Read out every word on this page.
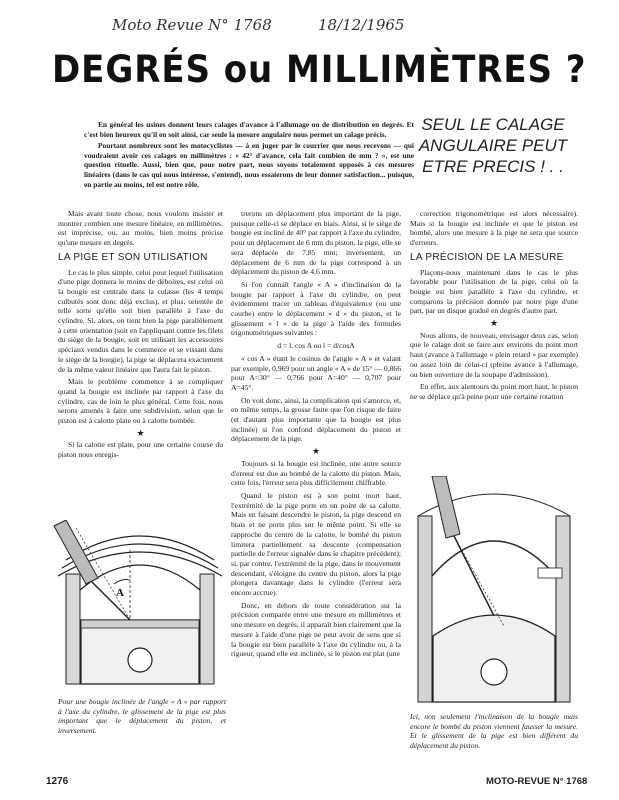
Moto Revue N° 1768	18/12/1965
DEGRÉS ou MILLIMÈTRES ?

En général les usines donnent leurs calages d'avance à l'allumage ou de distribution en degrés. Et c'est bien heureux qu'il en soit ainsi, car seule la mesure angulaire nous permet un calage précis.

Pourtant nombreux sont les motocyclistes — à en juger par le courrier que nous recevons — qui voudraient avoir ces calages en millimètres : « 42° d'avance, cela fait combien de mm ? », est une question rituelle. Aussi, bien que, pour notre part, nous soyons totalement opposés à ces mesures linéaires (dans le cas qui nous intéresse, s'entend), nous essaierons de leur donner satisfaction... puisque, en partie au moins, tel est notre rôle.

SEUL LE CALAGE ANGULAIRE PEUT ETRE PRECIS ! . .

Mais avant toute chose, nous voulons insister et montrer combien une mesure linéaire, en millimètres, est imprécise, ou, au moins, bien moins précise qu'une mesure en degrés.

LA PIGE ET SON UTILISATION

Le cas le plus simple, celui pour lequel l'utilisation d'une pige donnera le moins de déboires, est celui où la bougie est centrale dans la culasse (les 4 temps culbutés sont donc déjà exclus), et plus, orientée de telle sorte qu'elle soit bien parallèle à l'axe du cylindre. Si, alors, on tient bien la pige parallèlement à cette orientation (soit en l'appliquant contre les filets du siège de la bougie, soit en utilisant les accessoires spéciaux vendus dans le commerce et se vissant dans le siège de la bougie), la pige se déplacera exactement de la même valeur linéaire que l'aura fait le piston.

Mais le problème commence à se compliquer quand la bougie est inclinée par rapport à l'axe du cylindre, cas de loin le plus général. Cette fois, nous serons amenés à faire une subdivision, selon que le piston est à calotte plate ou à calotte bombée.

★

Si la calotte est plate, pour une certaine course du piston nous enregis-

trerons un déplacement plus important de la pige, puisque celle-ci se déplace en biais. Ainsi, si le siège de bougie est incliné de 40° par rapport à l'axe du cylindre, pour un déplacement de 6 mm du piston, la pige, elle se sera déplacée de 7,85 mm; inversement, un déplacement de 6 mm de la pige correspond à un déplacement du piston de 4,6 mm.

Si l'on connaît l'angle « A » d'inclinaison de la bougie par rapport à l'axe du cylindre, on peut évidemment tracer un tableau d'équivalence (ou une courbe) entre le déplacement « d » du piston, et le glissement « l » de la pige à l'aide des formules trigonométriques suivantes :

d = l. cos A ou l = d/cosA

« cos A » étant le cosinus de l'angle « A » et valant par exemple, 0,969 pour un angle « A » de 15° — 0,866 pour A=30° — 0,766 pour A=40° — 0,707 pour A=45°.

On voit donc, ainsi, la complication qui s'amorce, et, en même temps, la grosse faute que l'on risque de faire (et d'autant plus importante que la bougie est plus inclinée) si l'on confond déplacement du piston et déplacement de la pige.

★

Toujours si la bougie est inclinée, une autre source d'erreur est due au bombé de la calotte du piston. Mais, cette fois, l'erreur sera plus difficilement chiffrable.

Quand le piston est à son point mort haut, l'extrémité de la pige porte en un point de sa calotte. Mais en faisant descendre le piston, la pige descend en biais et ne porte plus sur le même point. Si elle se rapproche du centre de la calotte, le bombé du piston limitera partiellement sa descente (compensation partielle de l'erreur signalée dans le chapitre précédent); si, par contre, l'extrémité de la pige, dans le mouvement descendant, s'éloigne du centre du piston, alors la pige plongera davantage dans le cylindre (l'erreur sera encore accrue).

Donc, en dehors de toute considération sur la précision comparée entre une mesure en millimètres et une mesure en degrés, il apparaît bien clairement que la mesure à l'aide d'une pige ne peut avoir de sens que si la bougie est bien parallèle à l'axe du cylindre ou, à la rigueur, quand elle est inclinée, si le piston est plat (une

correction trigonométrique est alors nécessaire). Mais si la bougie est inclinée et que le piston est bombé, alors une mesure à la pige ne sera que source d'erreurs.

LA PRÉCISION DE LA MESURE

Plaçons-nous maintenant dans le cas le plus favorable pour l'utilisation de la pige, celui où la bougie est bien parallèle à l'axe du cylindre, et comparons la précision donnée par notre pige d'une part, par un disque gradué en degrés d'autre part.

★

Nous allons, de nouveau, envisager deux cas, selon que le calage doit se faire aux environs du point mort haut (avance à l'allumage « plein retard » par exemple) ou assez loin de celui-ci (pleine avance à l'allumage, ou bien ouverture de la soupape d'admission).

En effet, aux alentours du point mort haut, le piston ne se déplace qu'à peine pour une certaine rotation

A
Pour une bougie inclinée de l'angle « A » par rapport à l'axe du cylindre, le glissement de la pige est plus important que le déplacement du piston, et inversement.
Ici, non seulement l'inclinaison de la bougie mais encore le bombé du piston viennent fausser la mesure. Et le glissement de la pige est bien différent du déplacement du piston.
1276	MOTO-REVUE N° 1768
